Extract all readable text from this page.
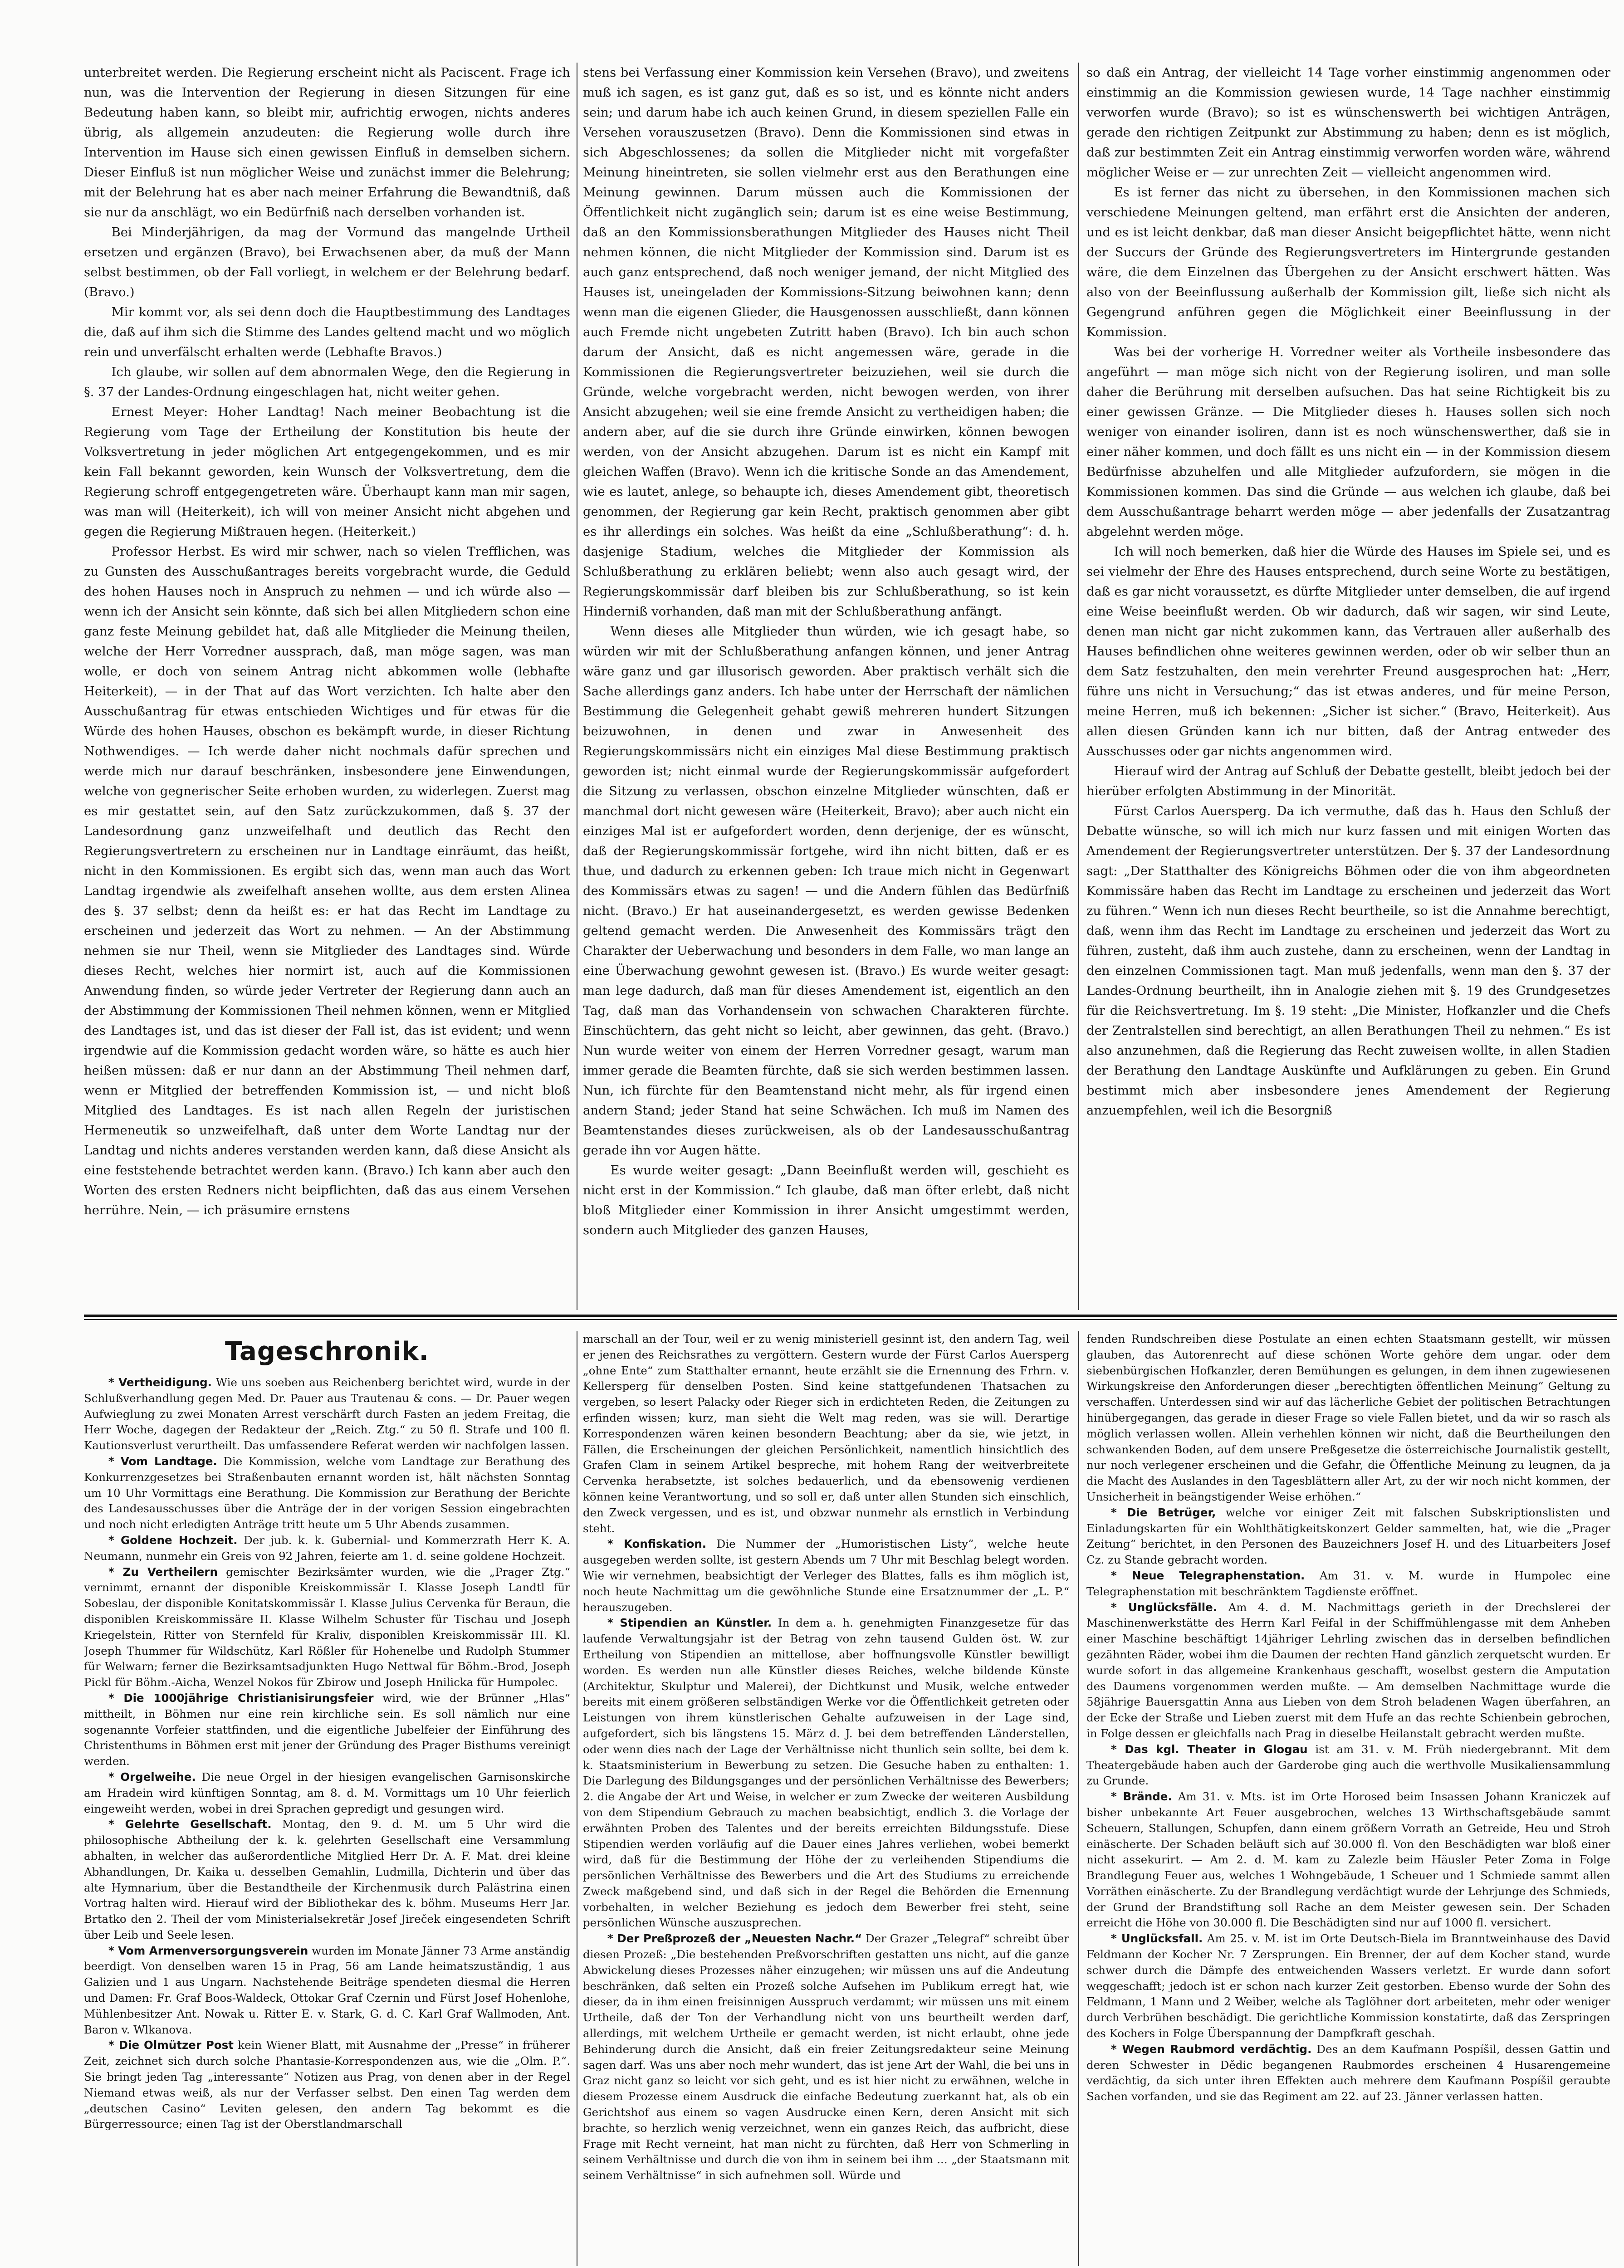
unterbreitet werden. Die Regierung erscheint nicht als Paciscent. Frage ich nun, was die Intervention der Regierung in diesen Sitzungen für eine Bedeutung haben kann, so bleibt mir, aufrichtig erwogen, nichts anderes übrig, als allgemein anzudeuten: die Regierung wolle durch ihre Intervention im Hause sich einen gewissen Einfluß in demselben sichern. Dieser Einfluß ist nun möglicher Weise und zunächst immer die Belehrung; mit der Belehrung hat es aber nach meiner Erfahrung die Bewandtniß, daß sie nur da anschlägt, wo ein Bedürfniß nach derselben vorhanden ist.

Bei Minderjährigen, da mag der Vormund das mangelnde Urtheil ersetzen und ergänzen (Bravo), bei Erwachsenen aber, da muß der Mann selbst bestimmen, ob der Fall vorliegt, in welchem er der Belehrung bedarf. (Bravo.)

Mir kommt vor, als sei denn doch die Hauptbestimmung des Landtages die, daß auf ihm sich die Stimme des Landes geltend macht und wo möglich rein und unverfälscht erhalten werde (Lebhafte Bravos.)

Ich glaube, wir sollen auf dem abnormalen Wege, den die Regierung in §. 37 der Landes-Ordnung eingeschlagen hat, nicht weiter gehen.

Ernest Meyer: Hoher Landtag! Nach meiner Beobachtung ist die Regierung vom Tage der Ertheilung der Konstitution bis heute der Volksvertretung in jeder möglichen Art entgegengekommen, und es mir kein Fall bekannt geworden, kein Wunsch der Volksvertretung, dem die Regierung schroff entgegengetreten wäre. Überhaupt kann man mir sagen, was man will (Heiterkeit), ich will von meiner Ansicht nicht abgehen und gegen die Regierung Mißtrauen hegen. (Heiterkeit.)

Professor Herbst. Es wird mir schwer, nach so vielen Trefflichen, was zu Gunsten des Ausschußantrages bereits vorgebracht wurde, die Geduld des hohen Hauses noch in Anspruch zu nehmen — und ich würde also — wenn ich der Ansicht sein könnte, daß sich bei allen Mitgliedern schon eine ganz feste Meinung gebildet hat, daß alle Mitglieder die Meinung theilen, welche der Herr Vorredner aussprach, daß, man möge sagen, was man wolle, er doch von seinem Antrag nicht abkommen wolle (lebhafte Heiterkeit), — in der That auf das Wort verzichten. Ich halte aber den Ausschußantrag für etwas entschieden Wichtiges und für etwas für die Würde des hohen Hauses, obschon es bekämpft wurde, in dieser Richtung Nothwendiges. — Ich werde daher nicht nochmals dafür sprechen und werde mich nur darauf beschränken, insbesondere jene Einwendungen, welche von gegnerischer Seite erhoben wurden, zu widerlegen. Zuerst mag es mir gestattet sein, auf den Satz zurückzukommen, daß §. 37 der Landesordnung ganz unzweifelhaft und deutlich das Recht den Regierungsvertretern zu erscheinen nur in Landtage einräumt, das heißt, nicht in den Kommissionen. Es ergibt sich das, wenn man auch das Wort Landtag irgendwie als zweifelhaft ansehen wollte, aus dem ersten Alinea des §. 37 selbst; denn da heißt es: er hat das Recht im Landtage zu erscheinen und jederzeit das Wort zu nehmen. — An der Abstimmung nehmen sie nur Theil, wenn sie Mitglieder des Landtages sind. Würde dieses Recht, welches hier normirt ist, auch auf die Kommissionen Anwendung finden, so würde jeder Vertreter der Regierung dann auch an der Abstimmung der Kommissionen Theil nehmen können, wenn er Mitglied des Landtages ist, und das ist dieser der Fall ist, das ist evident; und wenn irgendwie auf die Kommission gedacht worden wäre, so hätte es auch hier heißen müssen: daß er nur dann an der Abstimmung Theil nehmen darf, wenn er Mitglied der betreffenden Kommission ist, — und nicht bloß Mitglied des Landtages. Es ist nach allen Regeln der juristischen Hermeneutik so unzweifelhaft, daß unter dem Worte Landtag nur der Landtag und nichts anderes verstanden werden kann, daß diese Ansicht als eine feststehende betrachtet werden kann. (Bravo.) Ich kann aber auch den Worten des ersten Redners nicht beipflichten, daß das aus einem Versehen herrühre. Nein, — ich präsumire ernstens

stens bei Verfassung einer Kommission kein Versehen (Bravo), und zweitens muß ich sagen, es ist ganz gut, daß es so ist, und es könnte nicht anders sein; und darum habe ich auch keinen Grund, in diesem speziellen Falle ein Versehen vorauszusetzen (Bravo). Denn die Kommissionen sind etwas in sich Abgeschlossenes; da sollen die Mitglieder nicht mit vorgefaßter Meinung hineintreten, sie sollen vielmehr erst aus den Berathungen eine Meinung gewinnen. Darum müssen auch die Kommissionen der Öffentlichkeit nicht zugänglich sein; darum ist es eine weise Bestimmung, daß an den Kommissionsberathungen Mitglieder des Hauses nicht Theil nehmen können, die nicht Mitglieder der Kommission sind. Darum ist es auch ganz entsprechend, daß noch weniger jemand, der nicht Mitglied des Hauses ist, uneingeladen der Kommissions-Sitzung beiwohnen kann; denn wenn man die eigenen Glieder, die Hausgenossen ausschließt, dann können auch Fremde nicht ungebeten Zutritt haben (Bravo). Ich bin auch schon darum der Ansicht, daß es nicht angemessen wäre, gerade in die Kommissionen die Regierungsvertreter beizuziehen, weil sie durch die Gründe, welche vorgebracht werden, nicht bewogen werden, von ihrer Ansicht abzugehen; weil sie eine fremde Ansicht zu vertheidigen haben; die andern aber, auf die sie durch ihre Gründe einwirken, können bewogen werden, von der Ansicht abzugehen. Darum ist es nicht ein Kampf mit gleichen Waffen (Bravo). Wenn ich die kritische Sonde an das Amendement, wie es lautet, anlege, so behaupte ich, dieses Amendement gibt, theoretisch genommen, der Regierung gar kein Recht, praktisch genommen aber gibt es ihr allerdings ein solches. Was heißt da eine „Schlußberathung“: d. h. dasjenige Stadium, welches die Mitglieder der Kommission als Schlußberathung zu erklären beliebt; wenn also auch gesagt wird, der Regierungskommissär darf bleiben bis zur Schlußberathung, so ist kein Hinderniß vorhanden, daß man mit der Schlußberathung anfängt.

Wenn dieses alle Mitglieder thun würden, wie ich gesagt habe, so würden wir mit der Schlußberathung anfangen können, und jener Antrag wäre ganz und gar illusorisch geworden. Aber praktisch verhält sich die Sache allerdings ganz anders. Ich habe unter der Herrschaft der nämlichen Bestimmung die Gelegenheit gehabt gewiß mehreren hundert Sitzungen beizuwohnen, in denen und zwar in Anwesenheit des Regierungskommissärs nicht ein einziges Mal diese Bestimmung praktisch geworden ist; nicht einmal wurde der Regierungskommissär aufgefordert die Sitzung zu verlassen, obschon einzelne Mitglieder wünschten, daß er manchmal dort nicht gewesen wäre (Heiterkeit, Bravo); aber auch nicht ein einziges Mal ist er aufgefordert worden, denn derjenige, der es wünscht, daß der Regierungskommissär fortgehe, wird ihn nicht bitten, daß er es thue, und dadurch zu erkennen geben: Ich traue mich nicht in Gegenwart des Kommissärs etwas zu sagen! — und die Andern fühlen das Bedürfniß nicht. (Bravo.) Er hat auseinandergesetzt, es werden gewisse Bedenken geltend gemacht werden. Die Anwesenheit des Kommissärs trägt den Charakter der Ueberwachung und besonders in dem Falle, wo man lange an eine Überwachung gewohnt gewesen ist. (Bravo.) Es wurde weiter gesagt: man lege dadurch, daß man für dieses Amendement ist, eigentlich an den Tag, daß man das Vorhandensein von schwachen Charakteren fürchte. Einschüchtern, das geht nicht so leicht, aber gewinnen, das geht. (Bravo.) Nun wurde weiter von einem der Herren Vorredner gesagt, warum man immer gerade die Beamten fürchte, daß sie sich werden bestimmen lassen. Nun, ich fürchte für den Beamtenstand nicht mehr, als für irgend einen andern Stand; jeder Stand hat seine Schwächen. Ich muß im Namen des Beamtenstandes dieses zurückweisen, als ob der Landesausschußantrag gerade ihn vor Augen hätte.

Es wurde weiter gesagt: „Dann Beeinflußt werden will, geschieht es nicht erst in der Kommission.“ Ich glaube, daß man öfter erlebt, daß nicht bloß Mitglieder einer Kommission in ihrer Ansicht umgestimmt werden, sondern auch Mitglieder des ganzen Hauses,

so daß ein Antrag, der vielleicht 14 Tage vorher einstimmig angenommen oder einstimmig an die Kommission gewiesen wurde, 14 Tage nachher einstimmig verworfen wurde (Bravo); so ist es wünschenswerth bei wichtigen Anträgen, gerade den richtigen Zeitpunkt zur Abstimmung zu haben; denn es ist möglich, daß zur bestimmten Zeit ein Antrag einstimmig verworfen worden wäre, während möglicher Weise er — zur unrechten Zeit — vielleicht angenommen wird.

Es ist ferner das nicht zu übersehen, in den Kommissionen machen sich verschiedene Meinungen geltend, man erfährt erst die Ansichten der anderen, und es ist leicht denkbar, daß man dieser Ansicht beigepflichtet hätte, wenn nicht der Succurs der Gründe des Regierungsvertreters im Hintergrunde gestanden wäre, die dem Einzelnen das Übergehen zu der Ansicht erschwert hätten. Was also von der Beeinflussung außerhalb der Kommission gilt, ließe sich nicht als Gegengrund anführen gegen die Möglichkeit einer Beeinflussung in der Kommission.

Was bei der vorherige H. Vorredner weiter als Vortheile insbesondere das angeführt — man möge sich nicht von der Regierung isoliren, und man solle daher die Berührung mit derselben aufsuchen. Das hat seine Richtigkeit bis zu einer gewissen Gränze. — Die Mitglieder dieses h. Hauses sollen sich noch weniger von einander isoliren, dann ist es noch wünschenswerther, daß sie in einer näher kommen, und doch fällt es uns nicht ein — in der Kommission diesem Bedürfnisse abzuhelfen und alle Mitglieder aufzufordern, sie mögen in die Kommissionen kommen. Das sind die Gründe — aus welchen ich glaube, daß bei dem Ausschußantrage beharrt werden möge — aber jedenfalls der Zusatzantrag abgelehnt werden möge.

Ich will noch bemerken, daß hier die Würde des Hauses im Spiele sei, und es sei vielmehr der Ehre des Hauses entsprechend, durch seine Worte zu bestätigen, daß es gar nicht voraussetzt, es dürfte Mitglieder unter demselben, die auf irgend eine Weise beeinflußt werden. Ob wir dadurch, daß wir sagen, wir sind Leute, denen man nicht gar nicht zukommen kann, das Vertrauen aller außerhalb des Hauses befindlichen ohne weiteres gewinnen werden, oder ob wir selber thun an dem Satz festzuhalten, den mein verehrter Freund ausgesprochen hat: „Herr, führe uns nicht in Versuchung;“ das ist etwas anderes, und für meine Person, meine Herren, muß ich bekennen: „Sicher ist sicher.“ (Bravo, Heiterkeit). Aus allen diesen Gründen kann ich nur bitten, daß der Antrag entweder des Ausschusses oder gar nichts angenommen wird.

Hierauf wird der Antrag auf Schluß der Debatte gestellt, bleibt jedoch bei der hierüber erfolgten Abstimmung in der Minorität.

Fürst Carlos Auersperg. Da ich vermuthe, daß das h. Haus den Schluß der Debatte wünsche, so will ich mich nur kurz fassen und mit einigen Worten das Amendement der Regierungsvertreter unterstützen. Der §. 37 der Landesordnung sagt: „Der Statthalter des Königreichs Böhmen oder die von ihm abgeordneten Kommissäre haben das Recht im Landtage zu erscheinen und jederzeit das Wort zu führen.“ Wenn ich nun dieses Recht beurtheile, so ist die Annahme berechtigt, daß, wenn ihm das Recht im Landtage zu erscheinen und jederzeit das Wort zu führen, zusteht, daß ihm auch zustehe, dann zu erscheinen, wenn der Landtag in den einzelnen Commissionen tagt. Man muß jedenfalls, wenn man den §. 37 der Landes-Ordnung beurtheilt, ihn in Analogie ziehen mit §. 19 des Grundgesetzes für die Reichsvertretung. Im §. 19 steht: „Die Minister, Hofkanzler und die Chefs der Zentralstellen sind berechtigt, an allen Berathungen Theil zu nehmen.“ Es ist also anzunehmen, daß die Regierung das Recht zuweisen wollte, in allen Stadien der Berathung den Landtage Auskünfte und Aufklärungen zu geben. Ein Grund bestimmt mich aber insbesondere jenes Amendement der Regierung anzuempfehlen, weil ich die Besorgniß

Tageschronik.

* Vertheidigung. Wie uns soeben aus Reichenberg berichtet wird, wurde in der Schlußverhandlung gegen Med. Dr. Pauer aus Trautenau & cons. — Dr. Pauer wegen Aufwieglung zu zwei Monaten Arrest verschärft durch Fasten an jedem Freitag, die Herr Woche, dagegen der Redakteur der „Reich. Ztg.“ zu 50 fl. Strafe und 100 fl. Kautionsverlust verurtheilt. Das umfassendere Referat werden wir nachfolgen lassen.

* Vom Landtage. Die Kommission, welche vom Landtage zur Berathung des Konkurrenzgesetzes bei Straßenbauten ernannt worden ist, hält nächsten Sonntag um 10 Uhr Vormittags eine Berathung. Die Kommission zur Berathung der Berichte des Landesausschusses über die Anträge der in der vorigen Session eingebrachten und noch nicht erledigten Anträge tritt heute um 5 Uhr Abends zusammen.

* Goldene Hochzeit. Der jub. k. k. Gubernial- und Kommerzrath Herr K. A. Neumann, nunmehr ein Greis von 92 Jahren, feierte am 1. d. seine goldene Hochzeit.

* Zu Vertheilern gemischter Bezirksämter wurden, wie die „Prager Ztg.“ vernimmt, ernannt der disponible Kreiskommissär I. Klasse Joseph Landtl für Sobeslau, der disponible Konitatskommissär I. Klasse Julius Cervenka für Beraun, die disponiblen Kreiskommissäre II. Klasse Wilhelm Schuster für Tischau und Joseph Kriegelstein, Ritter von Sternfeld für Kraliv, disponiblen Kreiskommissär III. Kl. Joseph Thummer für Wildschütz, Karl Rößler für Hohenelbe und Rudolph Stummer für Welwarn; ferner die Bezirksamtsadjunkten Hugo Nettwal für Böhm.-Brod, Joseph Pickl für Böhm.-Aicha, Wenzel Nokos für Zbirow und Joseph Hnilicka für Humpolec.

* Die 1000jährige Christianisirungsfeier wird, wie der Brünner „Hlas“ mittheilt, in Böhmen nur eine rein kirchliche sein. Es soll nämlich nur eine sogenannte Vorfeier stattfinden, und die eigentliche Jubelfeier der Einführung des Christenthums in Böhmen erst mit jener der Gründung des Prager Bisthums vereinigt werden.

* Orgelweihe. Die neue Orgel in der hiesigen evangelischen Garnisonskirche am Hradein wird künftigen Sonntag, am 8. d. M. Vormittags um 10 Uhr feierlich eingeweiht werden, wobei in drei Sprachen gepredigt und gesungen wird.

* Gelehrte Gesellschaft. Montag, den 9. d. M. um 5 Uhr wird die philosophische Abtheilung der k. k. gelehrten Gesellschaft eine Versammlung abhalten, in welcher das außerordentliche Mitglied Herr Dr. A. F. Mat. drei kleine Abhandlungen, Dr. Kaika u. desselben Gemahlin, Ludmilla, Dichterin und über das alte Hymnarium, über die Bestandtheile der Kirchenmusik durch Palästrina einen Vortrag halten wird. Hierauf wird der Bibliothekar des k. böhm. Museums Herr Jar. Brtatko den 2. Theil der vom Ministerialsekretär Josef Jireček eingesendeten Schrift über Leib und Seele lesen.

* Vom Armenversorgungsverein wurden im Monate Jänner 73 Arme anständig beerdigt. Von denselben waren 15 in Prag, 56 am Lande heimatszuständig, 1 aus Galizien und 1 aus Ungarn. Nachstehende Beiträge spendeten diesmal die Herren und Damen: Fr. Graf Boos-Waldeck, Ottokar Graf Czernin und Fürst Josef Hohenlohe, Mühlenbesitzer Ant. Nowak u. Ritter E. v. Stark, G. d. C. Karl Graf Wallmoden, Ant. Baron v. Wlkanova.

* Die Olmützer Post kein Wiener Blatt, mit Ausnahme der „Presse“ in früherer Zeit, zeichnet sich durch solche Phantasie-Korrespondenzen aus, wie die „Olm. P.“. Sie bringt jeden Tag „interessante“ Notizen aus Prag, von denen aber in der Regel Niemand etwas weiß, als nur der Verfasser selbst. Den einen Tag werden dem „deutschen Casino“ Leviten gelesen, den andern Tag bekommt es die Bürgerressource; einen Tag ist der Oberstlandmarschall

marschall an der Tour, weil er zu wenig ministeriell gesinnt ist, den andern Tag, weil er jenen des Reichsrathes zu vergöttern. Gestern wurde der Fürst Carlos Auersperg „ohne Ente“ zum Statthalter ernannt, heute erzählt sie die Ernennung des Frhrn. v. Kellersperg für denselben Posten. Sind keine stattgefundenen Thatsachen zu vergeben, so lesert Palacky oder Rieger sich in erdichteten Reden, die Zeitungen zu erfinden wissen; kurz, man sieht die Welt mag reden, was sie will. Derartige Korrespondenzen wären keinen besondern Beachtung; aber da sie, wie jetzt, in Fällen, die Erscheinungen der gleichen Persönlichkeit, namentlich hinsichtlich des Grafen Clam in seinem Artikel bespreche, mit hohem Rang der weitverbreitete Cervenka herabsetzte, ist solches bedauerlich, und da ebensowenig verdienen können keine Verantwortung, und so soll er, daß unter allen Stunden sich einschlich, den Zweck vergessen, und es ist, und obzwar nunmehr als ernstlich in Verbindung steht.

* Konfiskation. Die Nummer der „Humoristischen Listy“, welche heute ausgegeben werden sollte, ist gestern Abends um 7 Uhr mit Beschlag belegt worden. Wie wir vernehmen, beabsichtigt der Verleger des Blattes, falls es ihm möglich ist, noch heute Nachmittag um die gewöhnliche Stunde eine Ersatznummer der „L. P.“ herauszugeben.

* Stipendien an Künstler. In dem a. h. genehmigten Finanzgesetze für das laufende Verwaltungsjahr ist der Betrag von zehn tausend Gulden öst. W. zur Ertheilung von Stipendien an mittellose, aber hoffnungsvolle Künstler bewilligt worden. Es werden nun alle Künstler dieses Reiches, welche bildende Künste (Architektur, Skulptur und Malerei), der Dichtkunst und Musik, welche entweder bereits mit einem größeren selbständigen Werke vor die Öffentlichkeit getreten oder Leistungen von ihrem künstlerischen Gehalte aufzuweisen in der Lage sind, aufgefordert, sich bis längstens 15. März d. J. bei dem betreffenden Länderstellen, oder wenn dies nach der Lage der Verhältnisse nicht thunlich sein sollte, bei dem k. k. Staatsministerium in Bewerbung zu setzen. Die Gesuche haben zu enthalten: 1. Die Darlegung des Bildungsganges und der persönlichen Verhältnisse des Bewerbers; 2. die Angabe der Art und Weise, in welcher er zum Zwecke der weiteren Ausbildung von dem Stipendium Gebrauch zu machen beabsichtigt, endlich 3. die Vorlage der erwähnten Proben des Talentes und der bereits erreichten Bildungsstufe. Diese Stipendien werden vorläufig auf die Dauer eines Jahres verliehen, wobei bemerkt wird, daß für die Bestimmung der Höhe der zu verleihenden Stipendiums die persönlichen Verhältnisse des Bewerbers und die Art des Studiums zu erreichende Zweck maßgebend sind, und daß sich in der Regel die Behörden die Ernennung vorbehalten, in welcher Beziehung es jedoch dem Bewerber frei steht, seine persönlichen Wünsche auszusprechen.

* Der Preßprozeß der „Neuesten Nachr.“ Der Grazer „Telegraf“ schreibt über diesen Prozeß: „Die bestehenden Preßvorschriften gestatten uns nicht, auf die ganze Abwickelung dieses Prozesses näher einzugehen; wir müssen uns auf die Andeutung beschränken, daß selten ein Prozeß solche Aufsehen im Publikum erregt hat, wie dieser, da in ihm einen freisinnigen Ausspruch verdammt; wir müssen uns mit einem Urtheile, daß der Ton der Verhandlung nicht von uns beurtheilt werden darf, allerdings, mit welchem Urtheile er gemacht werden, ist nicht erlaubt, ohne jede Behinderung durch die Ansicht, daß ein freier Zeitungsredakteur seine Meinung sagen darf. Was uns aber noch mehr wundert, das ist jene Art der Wahl, die bei uns in Graz nicht ganz so leicht vor sich geht, und es ist hier nicht zu erwähnen, welche in diesem Prozesse einem Ausdruck die einfache Bedeutung zuerkannt hat, als ob ein Gerichtshof aus einem so vagen Ausdrucke einen Kern, deren Ansicht mit sich brachte, so herzlich wenig verzeichnet, wenn ein ganzes Reich, das aufbricht, diese Frage mit Recht verneint, hat man nicht zu fürchten, daß Herr von Schmerling in seinem Verhältnisse und durch die von ihm in seinem bei ihm ... „der Staatsmann mit seinem Verhältnisse“ in sich aufnehmen soll. Würde und

fenden Rundschreiben diese Postulate an einen echten Staatsmann gestellt, wir müssen glauben, das Autorenrecht auf diese schönen Worte gehöre dem ungar. oder dem siebenbürgischen Hofkanzler, deren Bemühungen es gelungen, in dem ihnen zugewiesenen Wirkungskreise den Anforderungen dieser „berechtigten öffentlichen Meinung“ Geltung zu verschaffen. Unterdessen sind wir auf das lächerliche Gebiet der politischen Betrachtungen hinübergegangen, das gerade in dieser Frage so viele Fallen bietet, und da wir so rasch als möglich verlassen wollen. Allein verhehlen können wir nicht, daß die Beurtheilungen den schwankenden Boden, auf dem unsere Preßgesetze die österreichische Journalistik gestellt, nur noch verlegener erscheinen und die Gefahr, die Öffentliche Meinung zu leugnen, da ja die Macht des Auslandes in den Tagesblättern aller Art, zu der wir noch nicht kommen, der Unsicherheit in beängstigender Weise erhöhen.“

* Die Betrüger, welche vor einiger Zeit mit falschen Subskriptionslisten und Einladungskarten für ein Wohlthätigkeitskonzert Gelder sammelten, hat, wie die „Prager Zeitung“ berichtet, in den Personen des Bauzeichners Josef H. und des Lituarbeiters Josef Cz. zu Stande gebracht worden.

* Neue Telegraphenstation. Am 31. v. M. wurde in Humpolec eine Telegraphenstation mit beschränktem Tagdienste eröffnet.

* Unglücksfälle. Am 4. d. M. Nachmittags gerieth in der Drechslerei der Maschinenwerkstätte des Herrn Karl Feifal in der Schiffmühlengasse mit dem Anheben einer Maschine beschäftigt 14jähriger Lehrling zwischen das in derselben befindlichen gezähnten Räder, wobei ihm die Daumen der rechten Hand gänzlich zerquetscht wurden. Er wurde sofort in das allgemeine Krankenhaus geschafft, woselbst gestern die Amputation des Daumens vorgenommen werden mußte. — Am demselben Nachmittage wurde die 58jährige Bauersgattin Anna aus Lieben von dem Stroh beladenen Wagen überfahren, an der Ecke der Straße und Lieben zuerst mit dem Hufe an das rechte Schienbein gebrochen, in Folge dessen er gleichfalls nach Prag in dieselbe Heilanstalt gebracht werden mußte.

* Das kgl. Theater in Glogau ist am 31. v. M. Früh niedergebrannt. Mit dem Theatergebäude haben auch der Garderobe ging auch die werthvolle Musikaliensammlung zu Grunde.

* Brände. Am 31. v. Mts. ist im Orte Horosed beim Insassen Johann Kraniczek auf bisher unbekannte Art Feuer ausgebrochen, welches 13 Wirthschaftsgebäude sammt Scheuern, Stallungen, Schupfen, dann einem größern Vorrath an Getreide, Heu und Stroh einäscherte. Der Schaden beläuft sich auf 30.000 fl. Von den Beschädigten war bloß einer nicht assekurirt. — Am 2. d. M. kam zu Zalezle beim Häusler Peter Zoma in Folge Brandlegung Feuer aus, welches 1 Wohngebäude, 1 Scheuer und 1 Schmiede sammt allen Vorräthen einäscherte. Zu der Brandlegung verdächtigt wurde der Lehrjunge des Schmieds, der Grund der Brandstiftung soll Rache an dem Meister gewesen sein. Der Schaden erreicht die Höhe von 30.000 fl. Die Beschädigten sind nur auf 1000 fl. versichert.

* Unglücksfall. Am 25. v. M. ist im Orte Deutsch-Biela im Branntweinhause des David Feldmann der Kocher Nr. 7 Zersprungen. Ein Brenner, der auf dem Kocher stand, wurde schwer durch die Dämpfe des entweichenden Wassers verletzt. Er wurde dann sofort weggeschafft; jedoch ist er schon nach kurzer Zeit gestorben. Ebenso wurde der Sohn des Feldmann, 1 Mann und 2 Weiber, welche als Taglöhner dort arbeiteten, mehr oder weniger durch Verbrühen beschädigt. Die gerichtliche Kommission konstatirte, daß das Zerspringen des Kochers in Folge Überspannung der Dampfkraft geschah.

* Wegen Raubmord verdächtig. Des an dem Kaufmann Pospíšil, dessen Gattin und deren Schwester in Dědic begangenen Raubmordes erscheinen 4 Husarengemeine verdächtig, da sich unter ihren Effekten auch mehrere dem Kaufmann Pospíšil geraubte Sachen vorfanden, und sie das Regiment am 22. auf 23. Jänner verlassen hatten.
